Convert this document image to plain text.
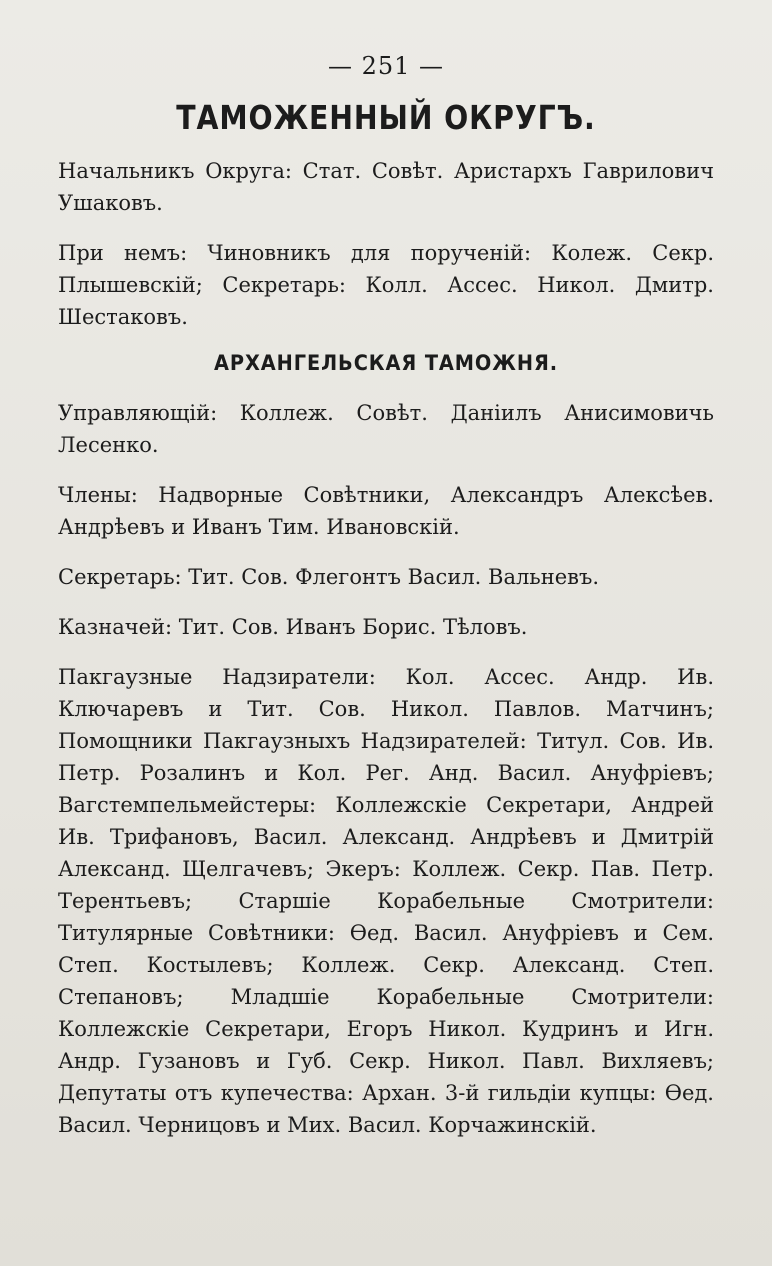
— 251 —
ТАМОЖЕННЫЙ ОКРУГЪ.

Начальникъ Округа: Стат. Совѣт. Аристархъ Гаврилович Ушаковъ.

При немъ: Чиновникъ для порученій: Колеж. Секр. Плышевскій; Секретарь: Колл. Ассес. Никол. Дмитр. Шестаковъ.

АРХАНГЕЛЬСКАЯ ТАМОЖНЯ.

Управляющій: Коллеж. Совѣт. Даніилъ Анисимовичь Лесенко.

Члены: Надворные Совѣтники, Александръ Алексѣев. Андрѣевъ и Иванъ Тим. Ивановскій.

Секретарь: Тит. Сов. Флегонтъ Васил. Вальневъ.

Казначей: Тит. Сов. Иванъ Борис. Тѣловъ.

Пакгаузные Надзиратели: Кол. Ассес. Андр. Ив. Ключаревъ и Тит. Сов. Никол. Павлов. Матчинъ; Помощники Пакгаузныхъ Надзирателей: Титул. Сов. Ив. Петр. Розалинъ и Кол. Рег. Анд. Васил. Ануфріевъ; Вагстемпельмейстеры: Коллежскіе Секретари, Андрей Ив. Трифановъ, Васил. Александ. Андрѣевъ и Дмитрій Александ. Щелгачевъ; Экеръ: Коллеж. Секр. Пав. Петр. Терентьевъ; Старшіе Корабельные Смотрители: Титулярные Совѣтники: Ѳед. Васил. Ануфріевъ и Сем. Степ. Костылевъ; Коллеж. Секр. Александ. Степ. Степановъ; Младшіе Корабельные Смотрители: Коллежскіе Секретари, Егоръ Никол. Кудринъ и Игн. Андр. Гузановъ и Губ. Секр. Никол. Павл. Вихляевъ; Депутаты отъ купечества: Архан. 3-й гильдіи купцы: Ѳед. Васил. Черницовъ и Мих. Васил. Корчажинскій.
